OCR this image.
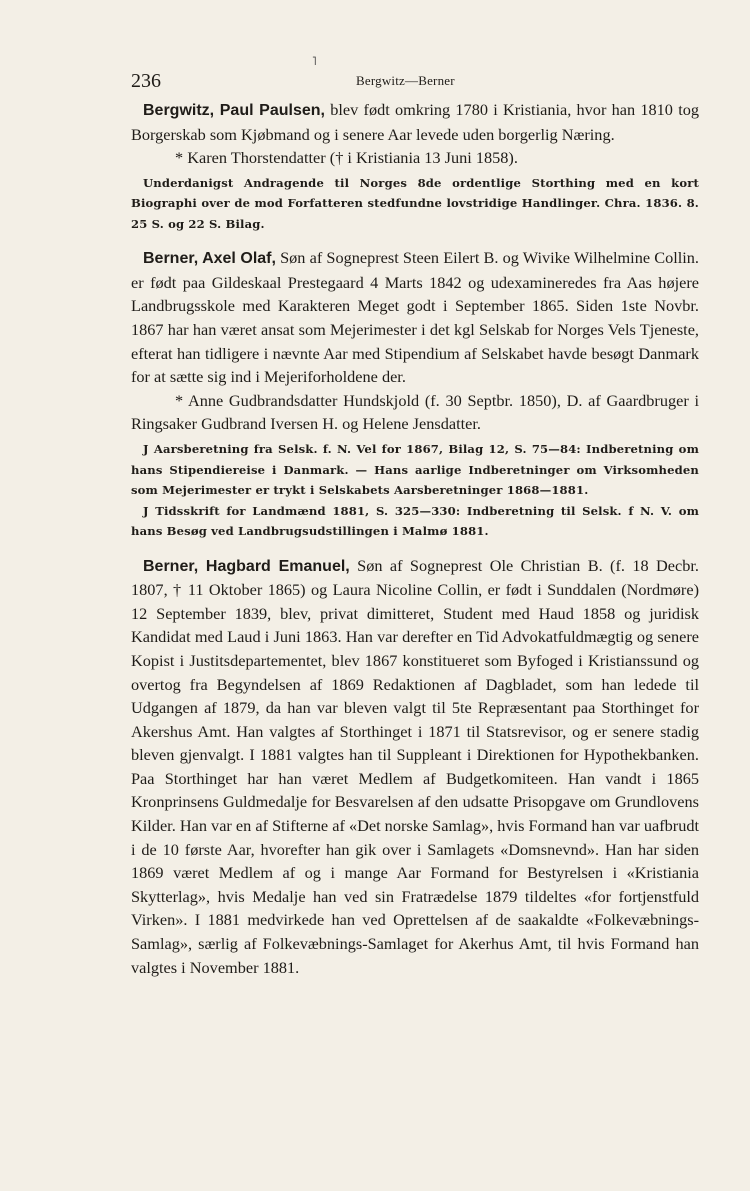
˥
236	Bergwitz—Berner

Bergwitz, Paul Paulsen, blev født omkring 1780 i Kristiania, hvor han 1810 tog Borgerskab som Kjøbmand og i senere Aar levede uden borgerlig Næring.

* Karen Thorstendatter († i Kristiania 13 Juni 1858).

Underdanigst Andragende til Norges 8de ordentlige Storthing med en kort Biographi over de mod Forfatteren stedfundne lovstridige Handlinger. Chra. 1836. 8. 25 S. og 22 S. Bilag.

Berner, Axel Olaf, Søn af Sogneprest Steen Eilert B. og Wivike Wilhelmine Collin. er født paa Gildeskaal Prestegaard 4 Marts 1842 og udexamineredes fra Aas højere Landbrugsskole med Karakteren Meget godt i September 1865. Siden 1ste Novbr. 1867 har han været ansat som Mejerimester i det kgl Selskab for Norges Vels Tjeneste, efterat han tidligere i nævnte Aar med Stipendium af Selskabet havde besøgt Danmark for at sætte sig ind i Mejeriforholdene der.

* Anne Gudbrandsdatter Hundskjold (f. 30 Septbr. 1850), D. af Gaardbruger i Ringsaker Gudbrand Iversen H. og Helene Jensdatter.

J Aarsberetning fra Selsk. f. N. Vel for 1867, Bilag 12, S. 75—84: Indberetning om hans Stipendiereise i Danmark. — Hans aarlige Indberetninger om Virksomheden som Mejerimester er trykt i Selskabets Aarsberetninger 1868—1881.

J Tidsskrift for Landmænd 1881, S. 325—330: Indberetning til Selsk. f N. V. om hans Besøg ved Landbrugsudstillingen i Malmø 1881.

Berner, Hagbard Emanuel, Søn af Sogneprest Ole Christian B. (f. 18 Decbr. 1807, † 11 Oktober 1865) og Laura Nicoline Collin, er født i Sunddalen (Nordmøre) 12 September 1839, blev, privat dimitteret, Student med Haud 1858 og juridisk Kandidat med Laud i Juni 1863. Han var derefter en Tid Advokatfuldmægtig og senere Kopist i Justitsdepartementet, blev 1867 konstitueret som Byfoged i Kristianssund og overtog fra Begyndelsen af 1869 Redaktionen af Dagbladet, som han ledede til Udgangen af 1879, da han var bleven valgt til 5te Repræsentant paa Storthinget for Akershus Amt. Han valgtes af Storthinget i 1871 til Statsrevisor, og er senere stadig bleven gjenvalgt. I 1881 valgtes han til Suppleant i Direktionen for Hypothekbanken. Paa Storthinget har han været Medlem af Budgetkomiteen. Han vandt i 1865 Kronprinsens Guldmedalje for Besvarelsen af den udsatte Prisopgave om Grundlovens Kilder. Han var en af Stifterne af «Det norske Samlag», hvis Formand han var uafbrudt i de 10 første Aar, hvorefter han gik over i Samlagets «Domsnevnd». Han har siden 1869 været Medlem af og i mange Aar Formand for Bestyrelsen i «Kristiania Skytterlag», hvis Medalje han ved sin Fratrædelse 1879 tildeltes «for fortjenstfuld Virken». I 1881 medvirkede han ved Oprettelsen af de saakaldte «Folkevæbnings-Samlag», særlig af Folkevæbnings-Samlaget for Akerhus Amt, til hvis Formand han valgtes i November 1881.
